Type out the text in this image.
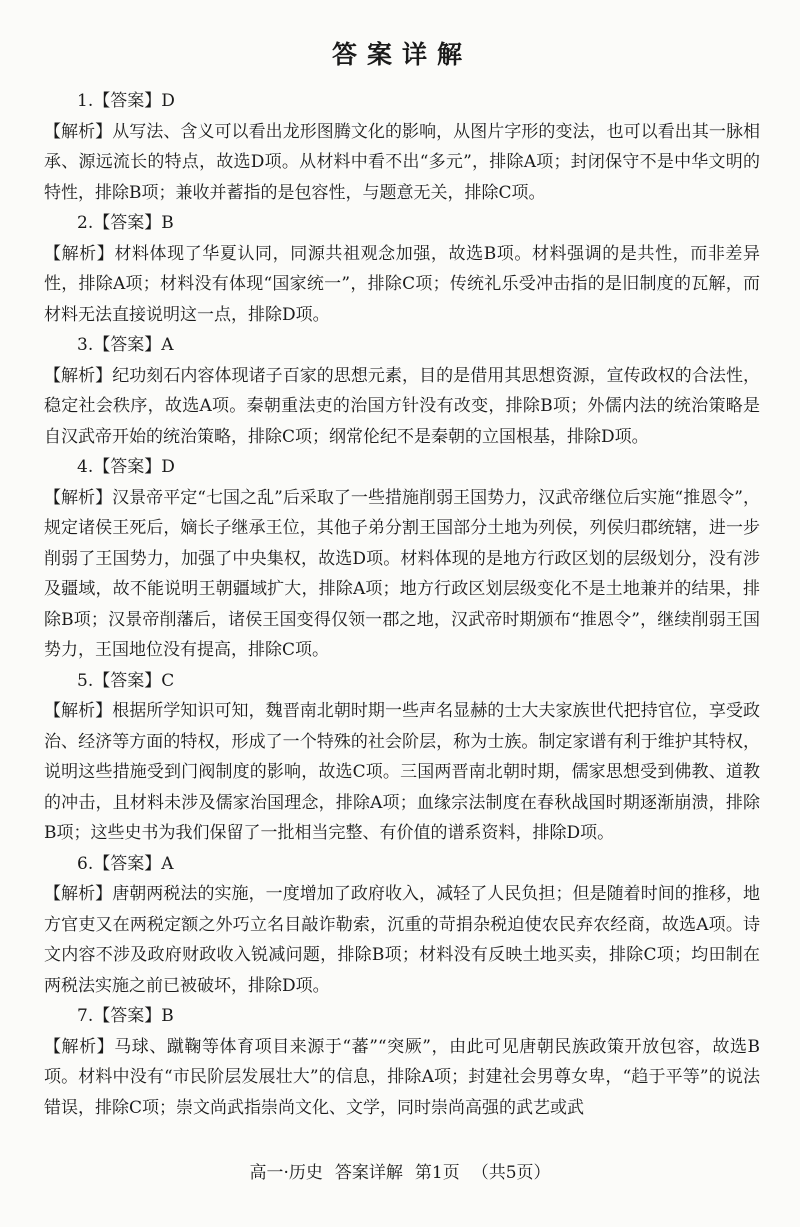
答案详解
1.【答案】D

【解析】从写法、含义可以看出龙形图腾文化的影响，从图片字形的变法，也可以看出其一脉相承、源远流长的特点，故选D项。从材料中看不出“多元”，排除A项；封闭保守不是中华文明的特性，排除B项；兼收并蓄指的是包容性，与题意无关，排除C项。

2.【答案】B

【解析】材料体现了华夏认同，同源共祖观念加强，故选B项。材料强调的是共性，而非差异性，排除A项；材料没有体现“国家统一”，排除C项；传统礼乐受冲击指的是旧制度的瓦解，而材料无法直接说明这一点，排除D项。

3.【答案】A

【解析】纪功刻石内容体现诸子百家的思想元素，目的是借用其思想资源，宣传政权的合法性，稳定社会秩序，故选A项。秦朝重法吏的治国方针没有改变，排除B项；外儒内法的统治策略是自汉武帝开始的统治策略，排除C项；纲常伦纪不是秦朝的立国根基，排除D项。

4.【答案】D

【解析】汉景帝平定“七国之乱”后采取了一些措施削弱王国势力，汉武帝继位后实施“推恩令”，规定诸侯王死后，嫡长子继承王位，其他子弟分割王国部分土地为列侯，列侯归郡统辖，进一步削弱了王国势力，加强了中央集权，故选D项。材料体现的是地方行政区划的层级划分，没有涉及疆域，故不能说明王朝疆域扩大，排除A项；地方行政区划层级变化不是土地兼并的结果，排除B项；汉景帝削藩后，诸侯王国变得仅领一郡之地，汉武帝时期颁布“推恩令”，继续削弱王国势力，王国地位没有提高，排除C项。

5.【答案】C

【解析】根据所学知识可知，魏晋南北朝时期一些声名显赫的士大夫家族世代把持官位，享受政治、经济等方面的特权，形成了一个特殊的社会阶层，称为士族。制定家谱有利于维护其特权，说明这些措施受到门阀制度的影响，故选C项。三国两晋南北朝时期，儒家思想受到佛教、道教的冲击，且材料未涉及儒家治国理念，排除A项；血缘宗法制度在春秋战国时期逐渐崩溃，排除B项；这些史书为我们保留了一批相当完整、有价值的谱系资料，排除D项。

6.【答案】A

【解析】唐朝两税法的实施，一度增加了政府收入，减轻了人民负担；但是随着时间的推移，地方官吏又在两税定额之外巧立名目敲诈勒索，沉重的苛捐杂税迫使农民弃农经商，故选A项。诗文内容不涉及政府财政收入锐减问题，排除B项；材料没有反映土地买卖，排除C项；均田制在两税法实施之前已被破坏，排除D项。

7.【答案】B

【解析】马球、蹴鞠等体育项目来源于“蕃”“突厥”，由此可见唐朝民族政策开放包容，故选B项。材料中没有“市民阶层发展壮大”的信息，排除A项；封建社会男尊女卑，“趋于平等”的说法错误，排除C项；崇文尚武指崇尚文化、文学，同时崇尚高强的武艺或武

高一·历史 答案详解 第1页 （共5页）
